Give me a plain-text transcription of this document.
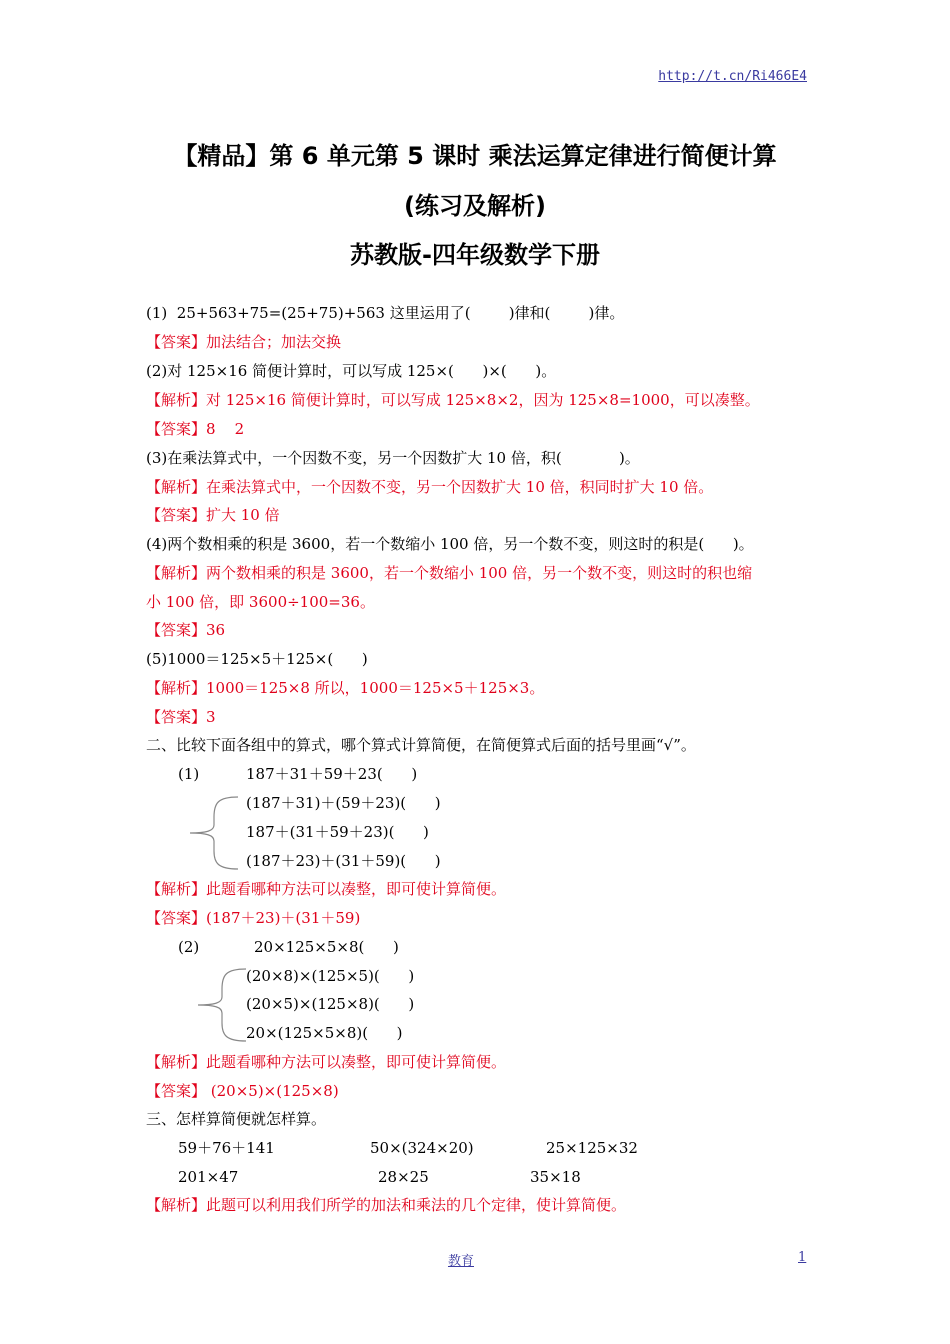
http://t.cn/Ri466E4
【精品】第 6 单元第 5 课时 乘法运算定律进行简便计算
(练习及解析)
苏教版-四年级数学下册
(1)  25+563+75=(25+75)+563 这里运用了(        )律和(        )律。
【答案】加法结合；加法交换
(2)对 125×16 简便计算时，可以写成 125×(      )×(      )。
【解析】对 125×16 简便计算时，可以写成 125×8×2，因为 125×8=1000，可以凑整。
【答案】8    2
(3)在乘法算式中，一个因数不变，另一个因数扩大 10 倍，积(            )。
【解析】在乘法算式中，一个因数不变，另一个因数扩大 10 倍，积同时扩大 10 倍。
【答案】扩大 10 倍
(4)两个数相乘的积是 3600，若一个数缩小 100 倍，另一个数不变，则这时的积是(      )。
【解析】两个数相乘的积是 3600，若一个数缩小 100 倍，另一个数不变，则这时的积也缩
小 100 倍，即 3600÷100=36。
【答案】36
(5)1000＝125×5＋125×(      )
【解析】1000＝125×8 所以，1000＝125×5＋125×3。
【答案】3
二、比较下面各组中的算式，哪个算式计算简便，在简便算式后面的括号里画“√”。
(1)	187＋31＋59＋23(      )
(187＋31)＋(59＋23)(      )
187＋(31＋59＋23)(      )
(187＋23)＋(31＋59)(      )
【解析】此题看哪种方法可以凑整，即可使计算简便。
【答案】(187＋23)＋(31＋59)
(2)	20×125×5×8(      )
(20×8)×(125×5)(      )
(20×5)×(125×8)(      )
20×(125×5×8)(      )
【解析】此题看哪种方法可以凑整，即可使计算简便。
【答案】 (20×5)×(125×8)
三、怎样算简便就怎样算。
59＋76＋141	50×(324×20)	25×125×32
201×47	28×25	35×18
【解析】此题可以利用我们所学的加法和乘法的几个定律，使计算简便。
教育	1
